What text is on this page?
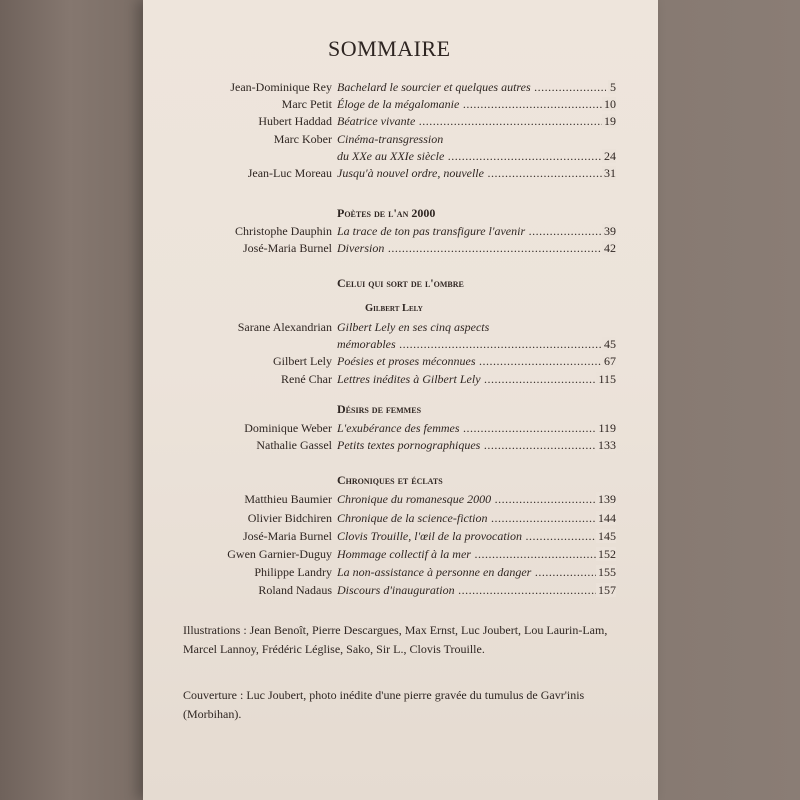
SOMMAIRE
Jean-Dominique Rey Bachelard le sourcier et quelques autres .....	5
Marc Petit Éloge de la mégalomanie .....	10
Hubert Haddad Béatrice vivante .....	19
Marc Kober Cinéma-transgression
du XXe au XXIe siècle .....	24
Jean-Luc Moreau Jusqu'à nouvel ordre, nouvelle .....	31
Poètes de l'an 2000
Christophe Dauphin La trace de ton pas transfigure l'avenir .....	39
José-Maria Burnel Diversion .....	42
Celui qui sort de l'ombre
Gilbert Lely
Sarane Alexandrian Gilbert Lely en ses cinq aspects
mémorables .....	45
Gilbert Lely Poésies et proses méconnues .....	67
René Char Lettres inédites à Gilbert Lely .....	115
Désirs de femmes
Dominique Weber L'exubérance des femmes .....	119
Nathalie Gassel Petits textes pornographiques .....	133
Chroniques et éclats
Matthieu Baumier Chronique du romanesque 2000 .....	139
Olivier Bidchiren Chronique de la science-fiction .....	144
José-Maria Burnel Clovis Trouille, l'œil de la provocation .....	145
Gwen Garnier-Duguy Hommage collectif à la mer .....	152
Philippe Landry La non-assistance à personne en danger .....	155
Roland Nadaus Discours d'inauguration .....	157
Illustrations : Jean Benoît, Pierre Descargues, Max Ernst, Luc Joubert, Lou Laurin-Lam, Marcel Lannoy, Frédéric Léglise, Sako, Sir L., Clovis Trouille.
Couverture : Luc Joubert, photo inédite d'une pierre gravée du tumulus de Gavr'inis (Morbihan).
